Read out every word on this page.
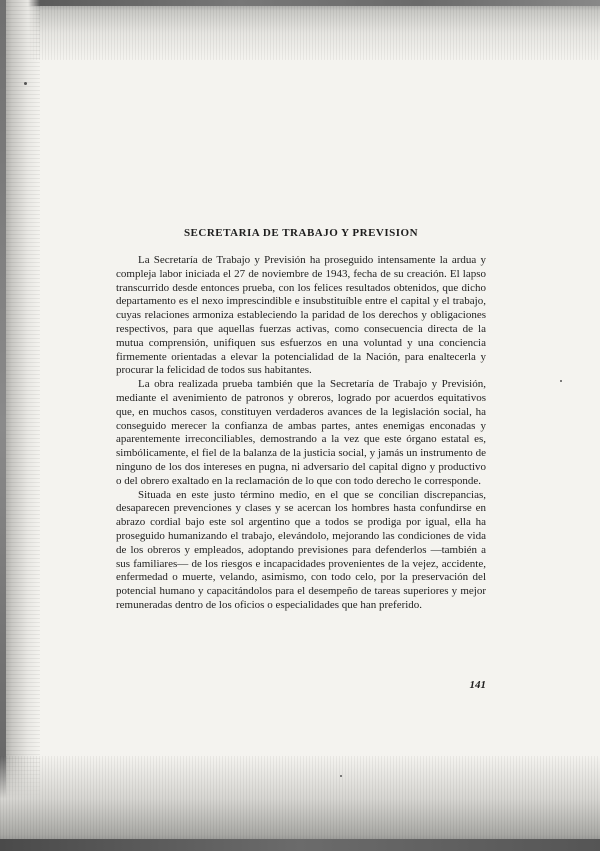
SECRETARIA DE TRABAJO Y PREVISION

La Secretaría de Trabajo y Previsión ha proseguido intensamente la ardua y compleja labor iniciada el 27 de noviembre de 1943, fecha de su creación. El lapso transcurrido desde entonces prueba, con los felices resultados obtenidos, que dicho departamento es el nexo imprescindible e insubstituíble entre el capital y el trabajo, cuyas relaciones armoniza estableciendo la paridad de los derechos y obligaciones respectivos, para que aquellas fuerzas activas, como consecuencia directa de la mutua comprensión, unifiquen sus esfuerzos en una voluntad y una conciencia firmemente orientadas a elevar la potencialidad de la Nación, para enaltecerla y procurar la felicidad de todos sus habitantes.

La obra realizada prueba también que la Secretaría de Trabajo y Previsión, mediante el avenimiento de patronos y obreros, logrado por acuerdos equitativos que, en muchos casos, constituyen verdaderos avances de la legislación social, ha conseguido merecer la confianza de ambas partes, antes enemigas enconadas y aparentemente irreconciliables, demostrando a la vez que este órgano estatal es, simbólicamente, el fiel de la balanza de la justicia social, y jamás un instrumento de ninguno de los dos intereses en pugna, ni adversario del capital digno y productivo o del obrero exaltado en la reclamación de lo que con todo derecho le corresponde.

Situada en este justo término medio, en el que se concilian discrepancias, desaparecen prevenciones y clases y se acercan los hombres hasta confundirse en abrazo cordial bajo este sol argentino que a todos se prodiga por igual, ella ha proseguido humanizando el trabajo, elevándolo, mejorando las condiciones de vida de los obreros y empleados, adoptando previsiones para defenderlos —también a sus familiares— de los riesgos e incapacidades provenientes de la vejez, accidente, enfermedad o muerte, velando, asimismo, con todo celo, por la preservación del potencial humano y capacitándolos para el desempeño de tareas superiores y mejor remuneradas dentro de los oficios o especialidades que han preferido.

141
